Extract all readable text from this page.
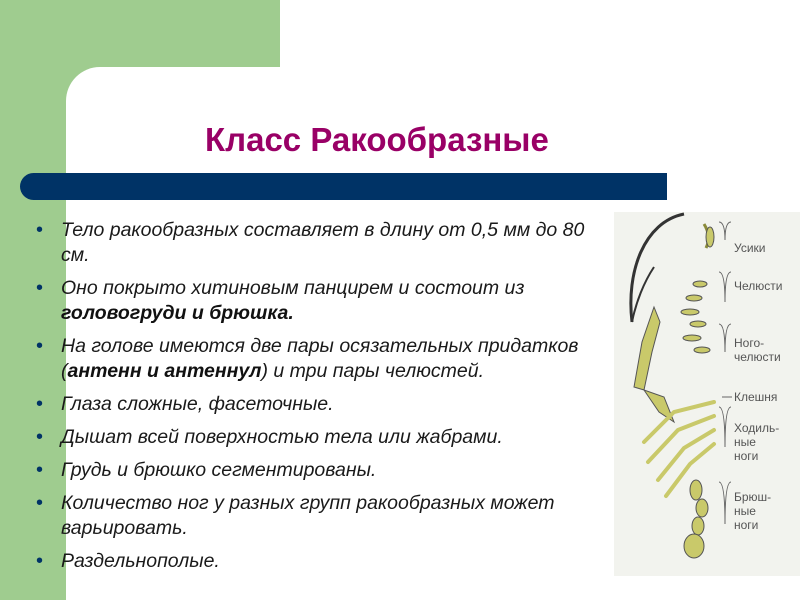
Класс Ракообразные
• Тело ракообразных составляет в длину от 0,5 мм до 80 см.
• Оно покрыто хитиновым панцирем и состоит из головогруди и брюшка.
• На голове имеются две пары осязательных придатков (антенн и антеннул) и три пары челюстей.
• Глаза сложные, фасеточные.
• Дышат всей поверхностью тела или жабрами.
• Грудь и брюшко сегментированы.
• Количество ног у разных групп ракообразных может варьировать.
• Раздельнополые.
Усики
Челюсти
Ного-
челюсти
Клешня
Ходиль-
ные
ноги
Брюш-
ные
ноги
